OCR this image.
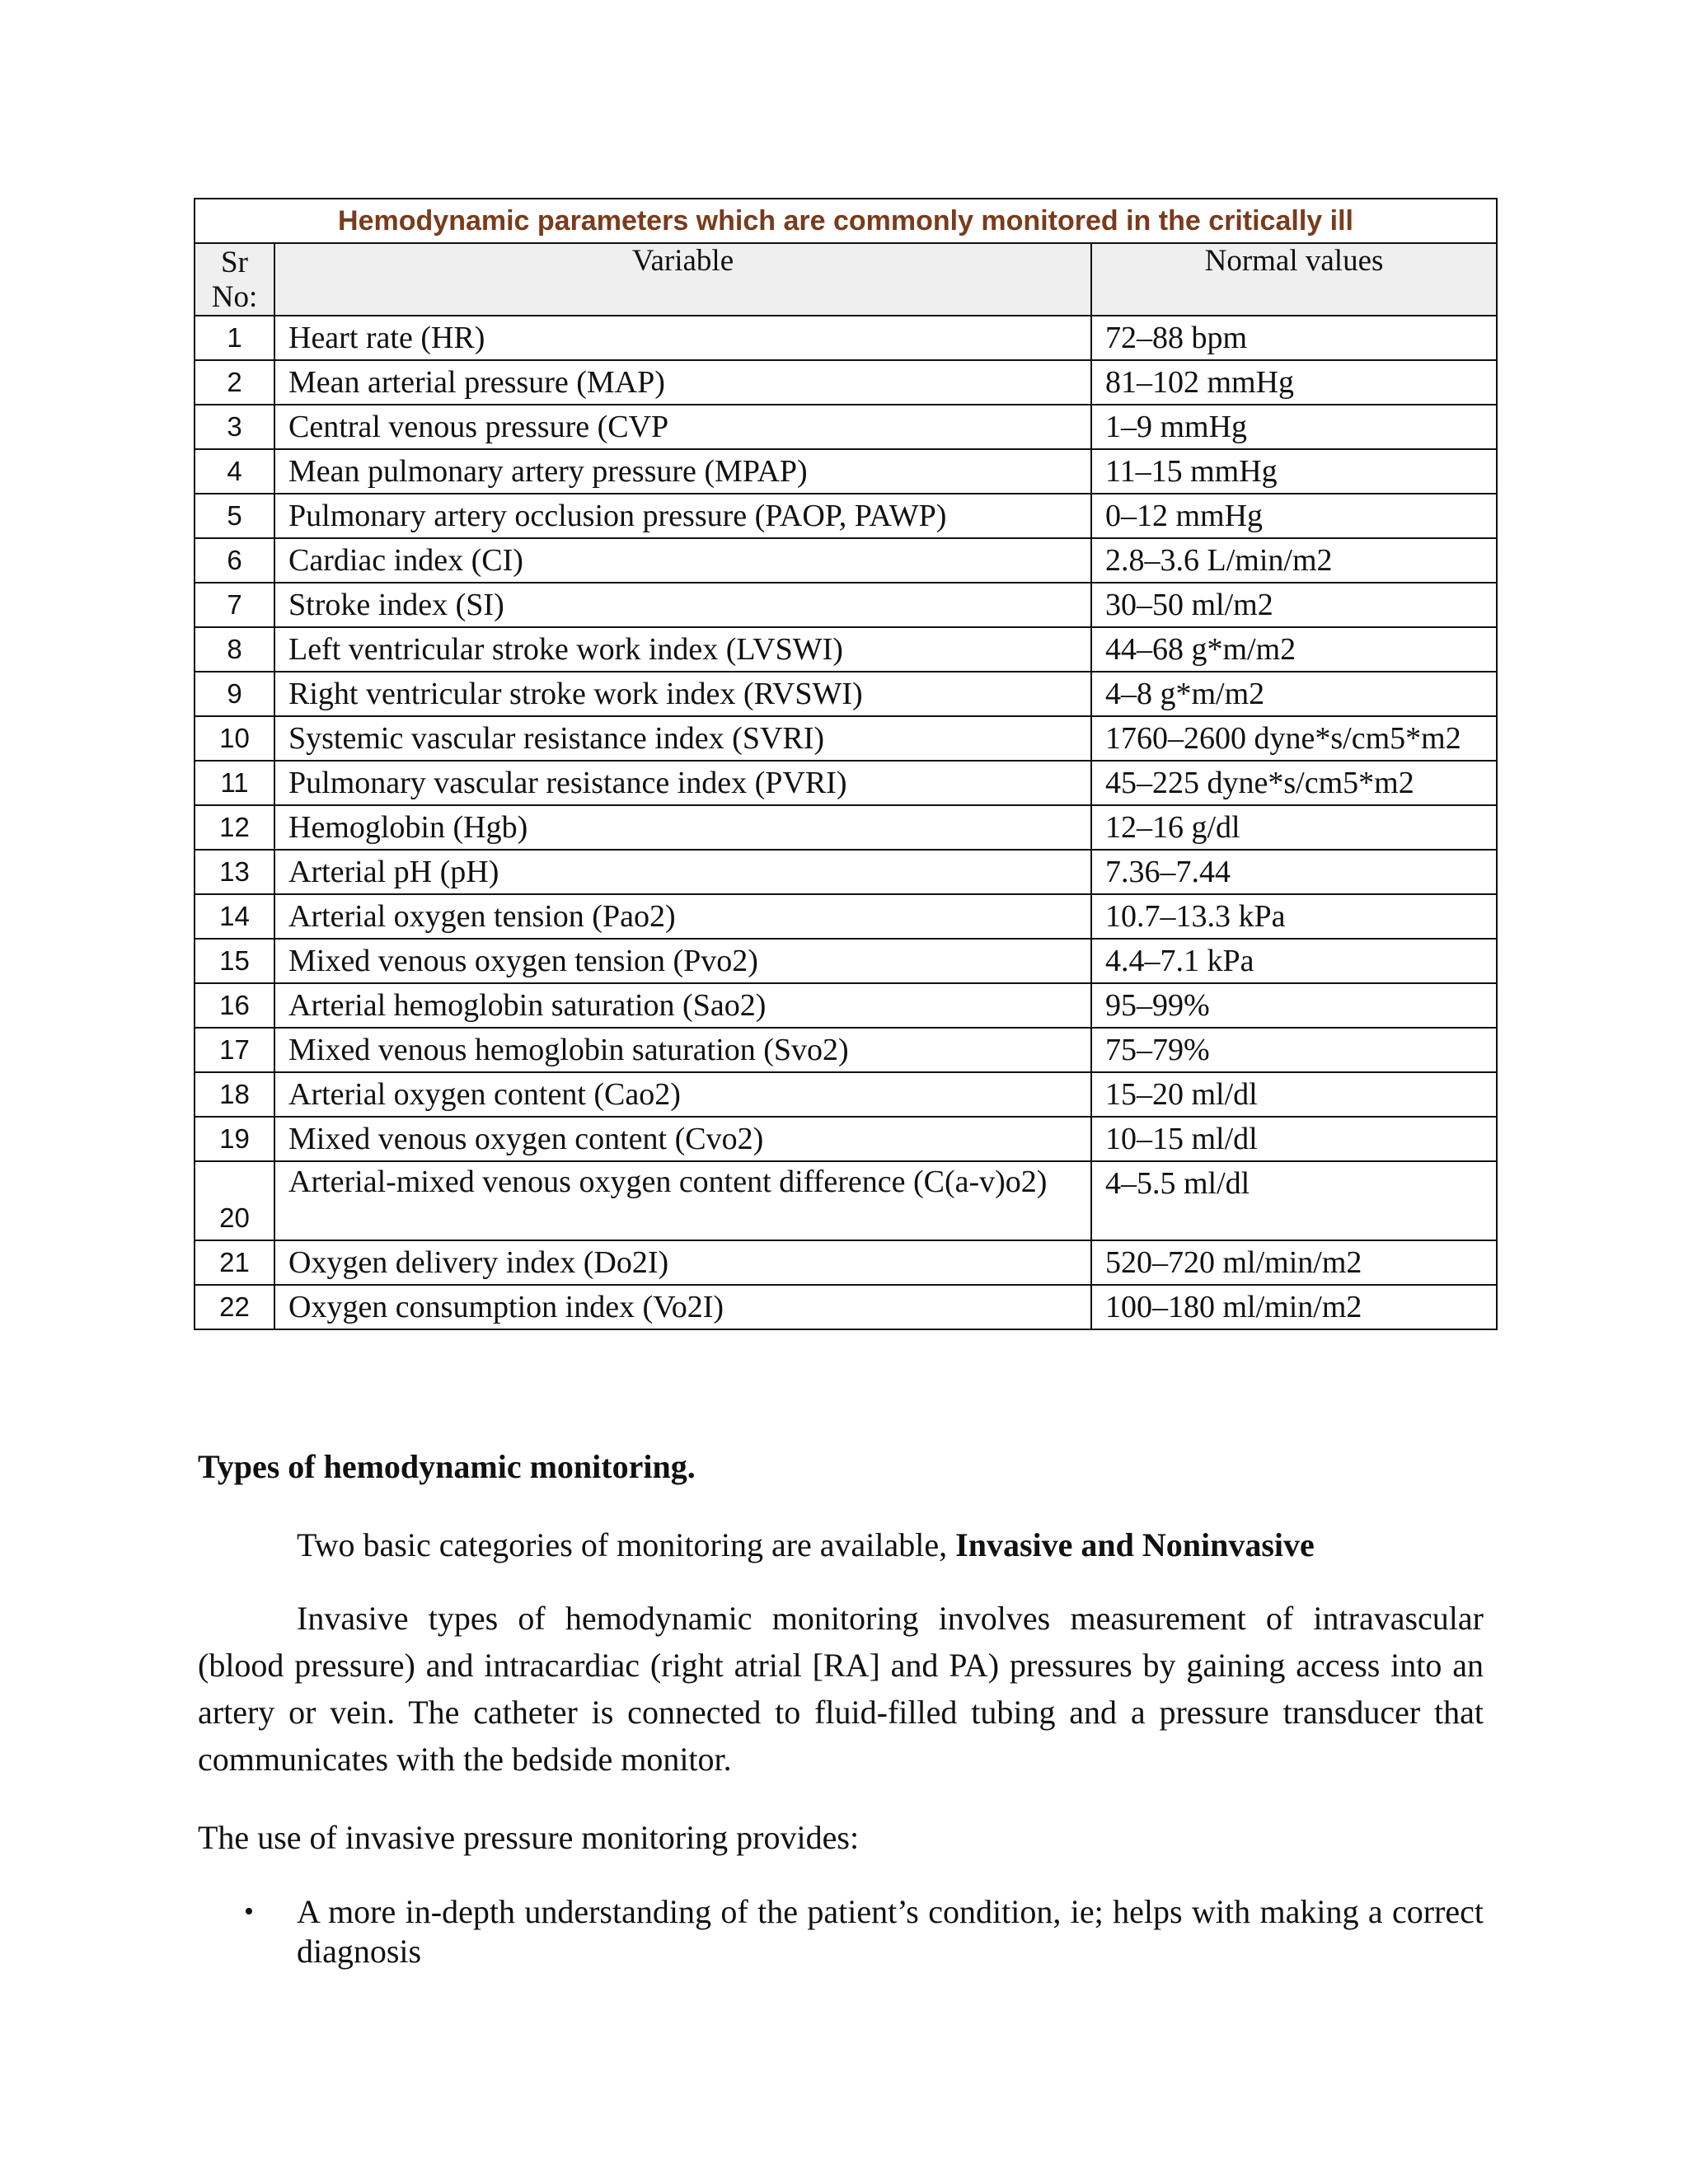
Hemodynamic parameters which are commonly monitored in the critically ill		
Sr No:	Variable	Normal values
1	Heart rate (HR)	72–88 bpm
2	Mean arterial pressure (MAP)	81–102 mmHg
3	Central venous pressure (CVP	1–9 mmHg
4	Mean pulmonary artery pressure (MPAP)	11–15 mmHg
5	Pulmonary artery occlusion pressure (PAOP, PAWP)	0–12 mmHg
6	Cardiac index (CI)	2.8–3.6 L/min/m2
7	Stroke index (SI)	30–50 ml/m2
8	Left ventricular stroke work index (LVSWI)	44–68 g*m/m2
9	Right ventricular stroke work index (RVSWI)	4–8 g*m/m2
10	Systemic vascular resistance index (SVRI)	1760–2600 dyne*s/cm5*m2
11	Pulmonary vascular resistance index (PVRI)	45–225 dyne*s/cm5*m2
12	Hemoglobin (Hgb)	12–16 g/dl
13	Arterial pH (pH)	7.36–7.44
14	Arterial oxygen tension (Pao2)	10.7–13.3 kPa
15	Mixed venous oxygen tension (Pvo2)	4.4–7.1 kPa
16	Arterial hemoglobin saturation (Sao2)	95–99%
17	Mixed venous hemoglobin saturation (Svo2)	75–79%
18	Arterial oxygen content (Cao2)	15–20 ml/dl
19	Mixed venous oxygen content (Cvo2)	10–15 ml/dl
20	Arterial-mixed venous oxygen content difference (C(a-v)o2)	4–5.5 ml/dl
21	Oxygen delivery index (Do2I)	520–720 ml/min/m2
22	Oxygen consumption index (Vo2I)	100–180 ml/min/m2
Types of hemodynamic monitoring.
Two basic categories of monitoring are available, Invasive and Noninvasive
Invasive types of hemodynamic monitoring involves measurement of intravascular (blood pressure) and intracardiac (right atrial [RA] and PA) pressures by gaining access into an artery or vein. The catheter is connected to fluid-filled tubing and a pressure transducer that communicates with the bedside monitor.
The use of invasive pressure monitoring provides:
• A more in-depth understanding of the patient’s condition, ie; helps with making a correct diagnosis
